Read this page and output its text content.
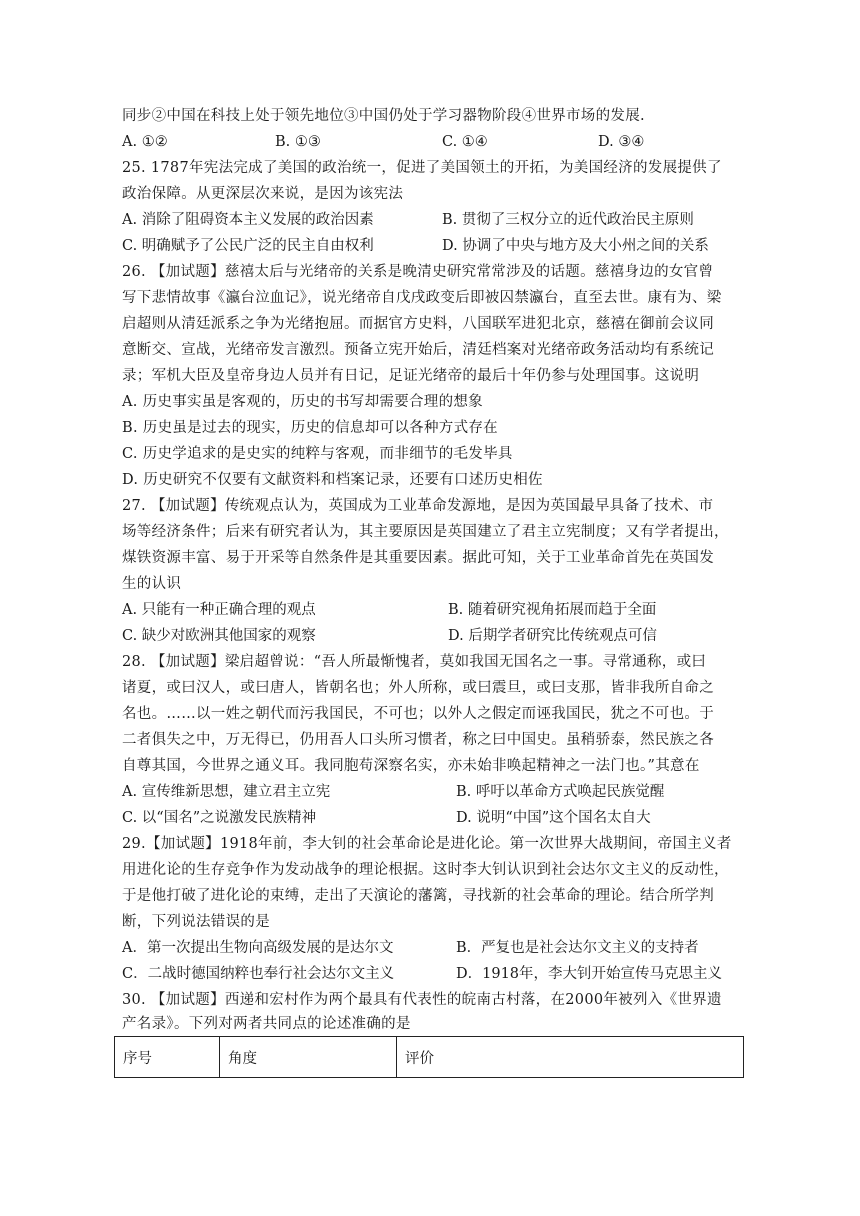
同步②中国在科技上处于领先地位③中国仍处于学习器物阶段④世界市场的发展.
A. ①②	B. ①③	C. ①④	D. ③④
25. 1787年宪法完成了美国的政治统一，促进了美国领土的开拓，为美国经济的发展提供了
政治保障。从更深层次来说，是因为该宪法
A. 消除了阻碍资本主义发展的政治因素	B. 贯彻了三权分立的近代政治民主原则
C. 明确赋予了公民广泛的民主自由权利	D. 协调了中央与地方及大小州之间的关系
26. 【加试题】慈禧太后与光绪帝的关系是晚清史研究常常涉及的话题。慈禧身边的女官曾
写下悲情故事《瀛台泣血记》，说光绪帝自戊戌政变后即被囚禁瀛台，直至去世。康有为、梁
启超则从清廷派系之争为光绪抱屈。而据官方史料，八国联军进犯北京，慈禧在御前会议同
意断交、宣战，光绪帝发言激烈。预备立宪开始后，清廷档案对光绪帝政务活动均有系统记
录；军机大臣及皇帝身边人员并有日记，足证光绪帝的最后十年仍参与处理国事。这说明
A. 历史事实虽是客观的，历史的书写却需要合理的想象
B. 历史虽是过去的现实，历史的信息却可以各种方式存在
C. 历史学追求的是史实的纯粹与客观，而非细节的毛发毕具
D. 历史研究不仅要有文献资料和档案记录，还要有口述历史相佐
27. 【加试题】传统观点认为，英国成为工业革命发源地，是因为英国最早具备了技术、市
场等经济条件；后来有研究者认为，其主要原因是英国建立了君主立宪制度；又有学者提出，
煤铁资源丰富、易于开采等自然条件是其重要因素。据此可知，关于工业革命首先在英国发
生的认识
A. 只能有一种正确合理的观点	B. 随着研究视角拓展而趋于全面
C. 缺少对欧洲其他国家的观察	D. 后期学者研究比传统观点可信
28. 【加试题】梁启超曾说：“吾人所最惭愧者，莫如我国无国名之一事。寻常通称，或曰
诸夏，或曰汉人，或曰唐人，皆朝名也；外人所称，或曰震旦，或曰支那，皆非我所自命之
名也。……以一姓之朝代而污我国民，不可也；以外人之假定而诬我国民，犹之不可也。于
二者俱失之中，万无得已，仍用吾人口头所习惯者，称之曰中国史。虽稍骄泰，然民族之各
自尊其国，今世界之通义耳。我同胞苟深察名实，亦未始非唤起精神之一法门也。”其意在
A. 宣传维新思想，建立君主立宪	B. 呼吁以革命方式唤起民族觉醒
C. 以“国名”之说激发民族精神	D. 说明“中国”这个国名太自大
29.【加试题】1918年前，李大钊的社会革命论是进化论。第一次世界大战期间，帝国主义者
用进化论的生存竞争作为发动战争的理论根据。这时李大钊认识到社会达尔文主义的反动性，
于是他打破了进化论的束缚，走出了天演论的藩篱，寻找新的社会革命的理论。结合所学判
断，下列说法错误的是
A．第一次提出生物向高级发展的是达尔文	B．严复也是社会达尔文主义的支持者
C．二战时德国纳粹也奉行社会达尔文主义	D．1918年，李大钊开始宣传马克思主义
30. 【加试题】西递和宏村作为两个最具有代表性的皖南古村落，在2000年被列入《世界遗
产名录》。下列对两者共同点的论述准确的是
序号	角度	评价
